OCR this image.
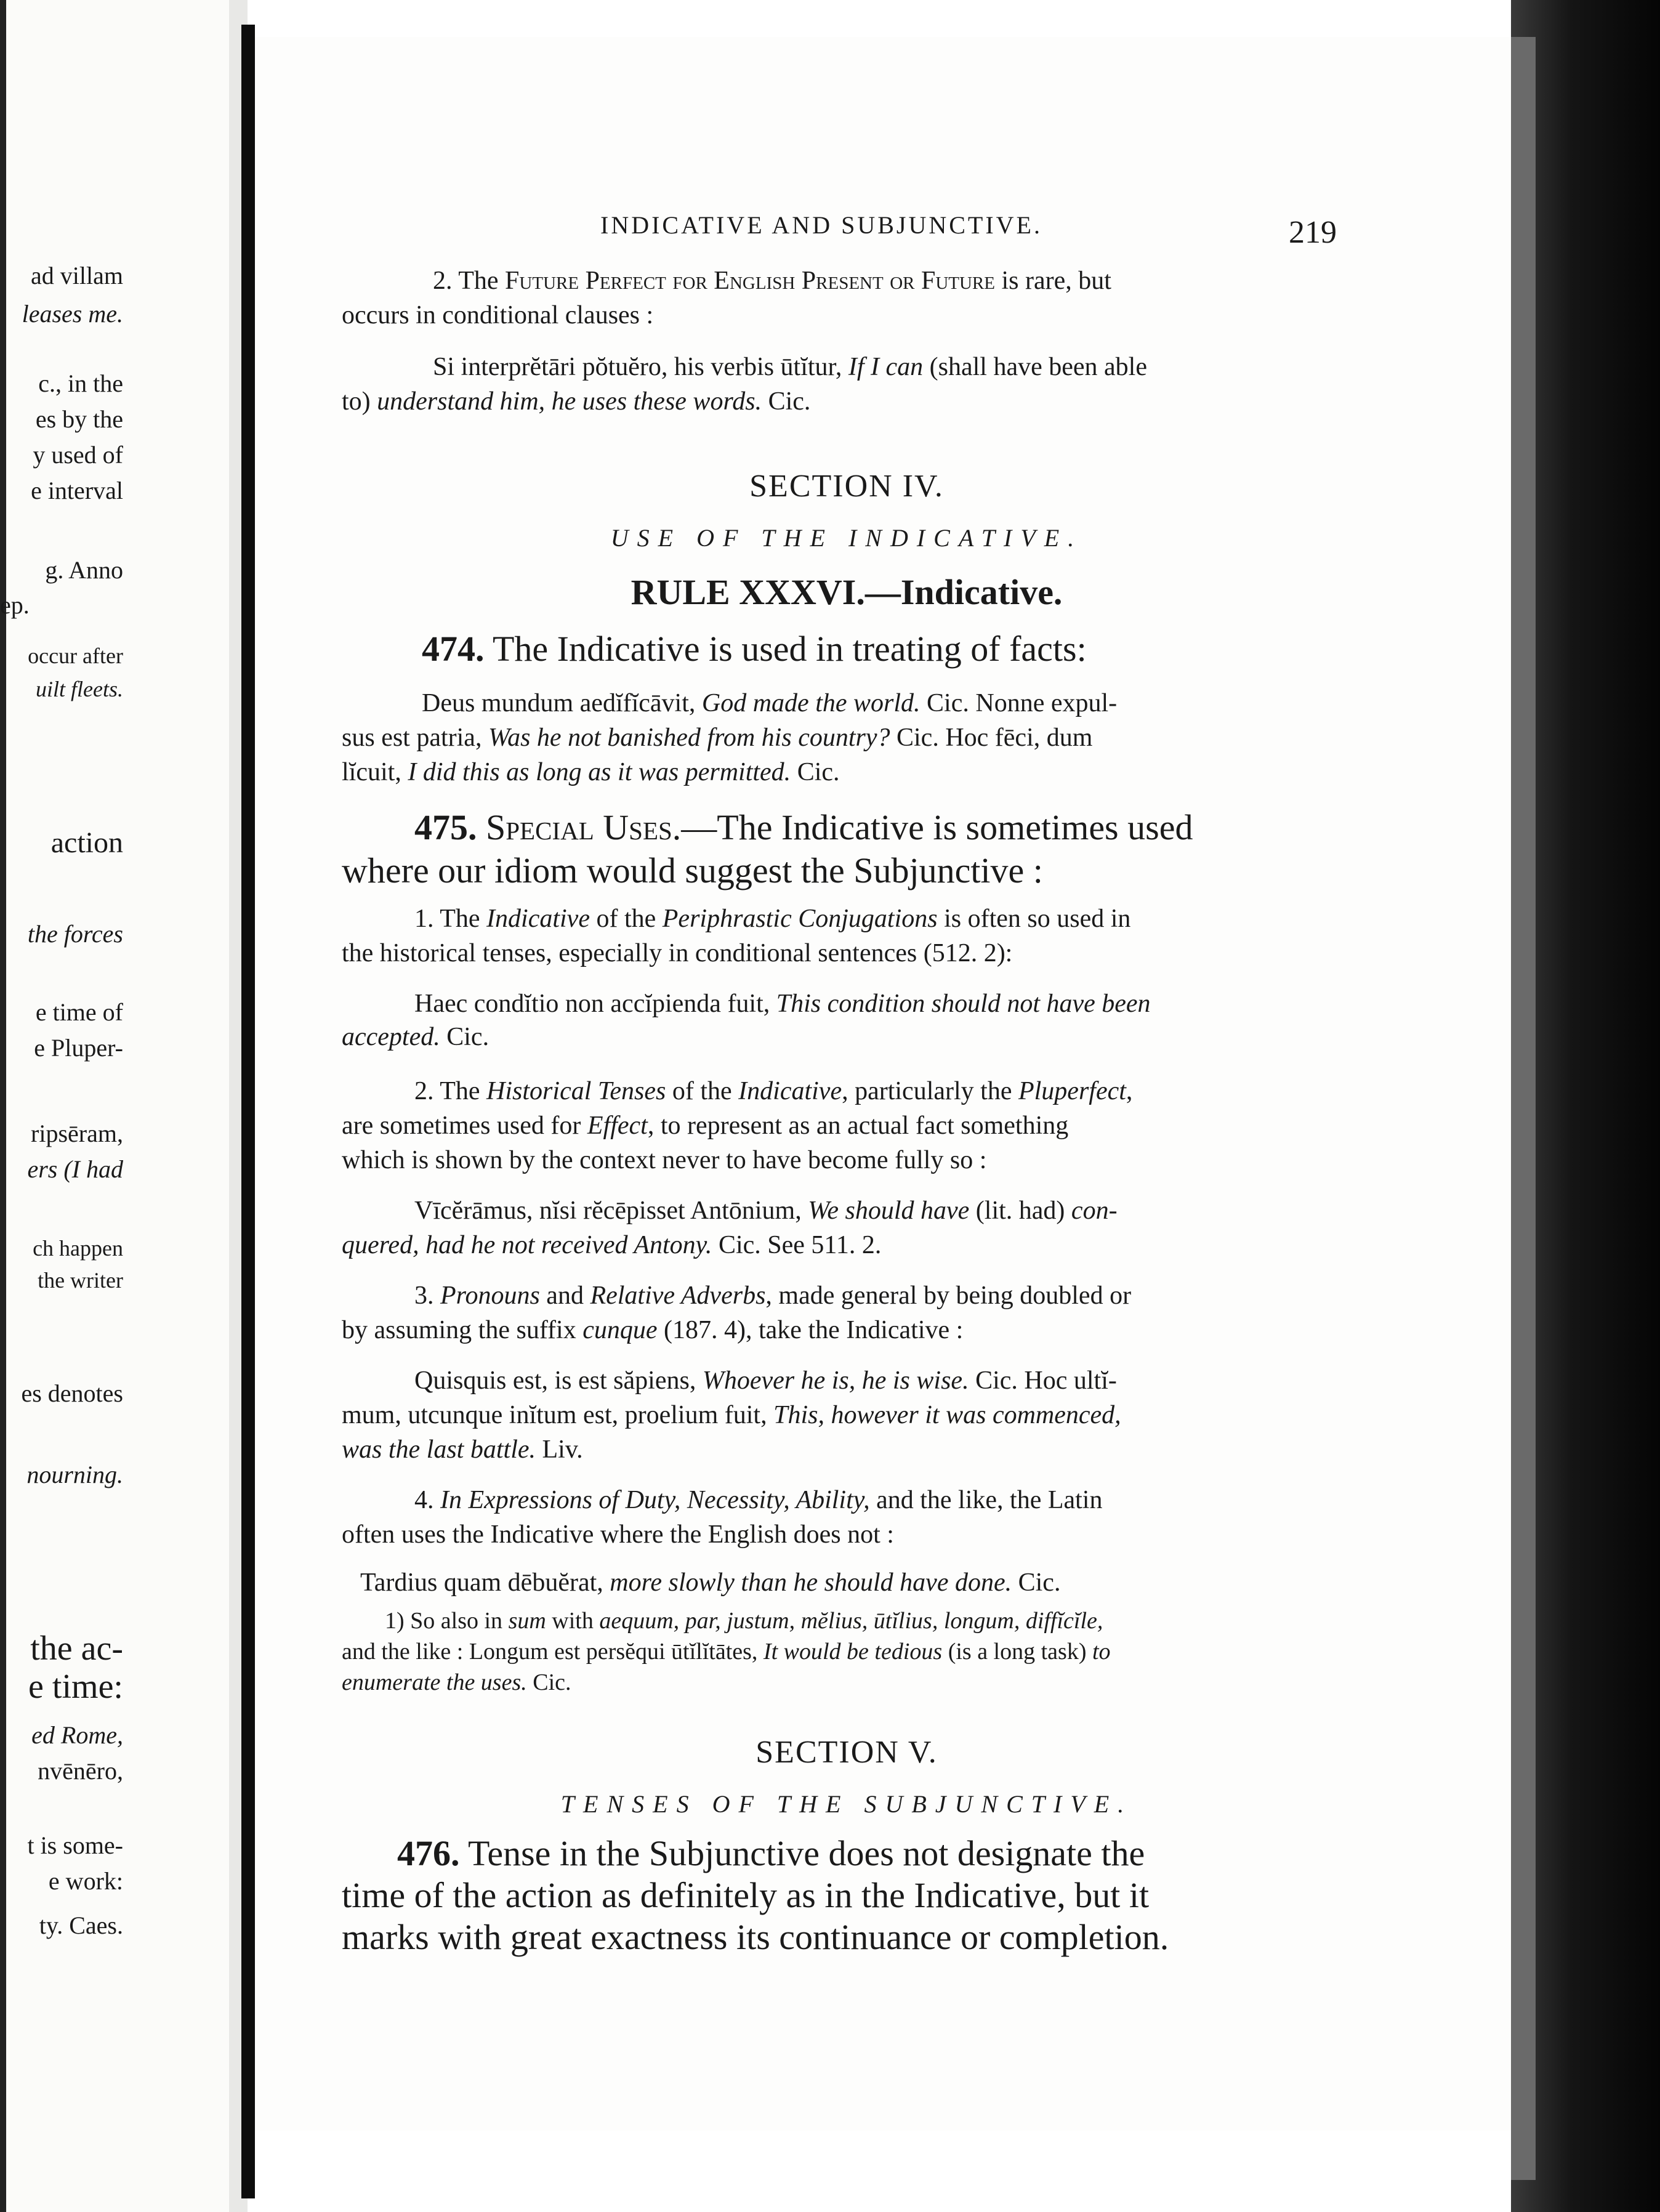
ad villam
leases me.
c., in the
es by the
y used of
e interval
g. Anno
ep.
occur after
uilt fleets.
action
the forces
e time of
e Pluper-
ripsēram,
ers (I had
ch happen
the writer
es denotes
nourning.
the ac-
e time:
ed Rome,
nvēnēro,
t is some-
e work:
ty. Caes.
219
INDICATIVE AND SUBJUNCTIVE.
2. The Future Perfect for English Present or Future is rare, but
occurs in conditional clauses :
Si interprĕtāri pŏtuĕro, his verbis ūtĭtur, If I can (shall have been able
to) understand him, he uses these words. Cic.
SECTION IV.
USE OF THE INDICATIVE.
RULE XXXVI.—Indicative.
474. The Indicative is used in treating of facts:
Deus mundum aedĭfĭcāvit, God made the world. Cic. Nonne expul-
sus est patria, Was he not banished from his country? Cic. Hoc fēci, dum
lĭcuit, I did this as long as it was permitted. Cic.
475. Special Uses.—The Indicative is sometimes used
where our idiom would suggest the Subjunctive :
1. The Indicative of the Periphrastic Conjugations is often so used in
the historical tenses, especially in conditional sentences (512. 2):
Haec condĭtio non accĭpienda fuit, This condition should not have been
accepted. Cic.
2. The Historical Tenses of the Indicative, particularly the Pluperfect,
are sometimes used for Effect, to represent as an actual fact something
which is shown by the context never to have become fully so :
Vīcĕrāmus, nĭsi rĕcēpisset Antōnium, We should have (lit. had) con-
quered, had he not received Antony. Cic. See 511. 2.
3. Pronouns and Relative Adverbs, made general by being doubled or
by assuming the suffix cunque (187. 4), take the Indicative :
Quisquis est, is est săpiens, Whoever he is, he is wise. Cic. Hoc ultĭ-
mum, utcunque inĭtum est, proelium fuit, This, however it was commenced,
was the last battle. Liv.
4. In Expressions of Duty, Necessity, Ability, and the like, the Latin
often uses the Indicative where the English does not :
Tardius quam dēbuĕrat, more slowly than he should have done. Cic.
1) So also in sum with aequum, par, justum, mĕlius, ūtĭlius, longum, diffĭcĭle,
and the like : Longum est persĕqui ūtĭlĭtātes, It would be tedious (is a long task) to
enumerate the uses. Cic.
SECTION V.
TENSES OF THE SUBJUNCTIVE.
476. Tense in the Subjunctive does not designate the
time of the action as definitely as in the Indicative, but it
marks with great exactness its continuance or completion.
